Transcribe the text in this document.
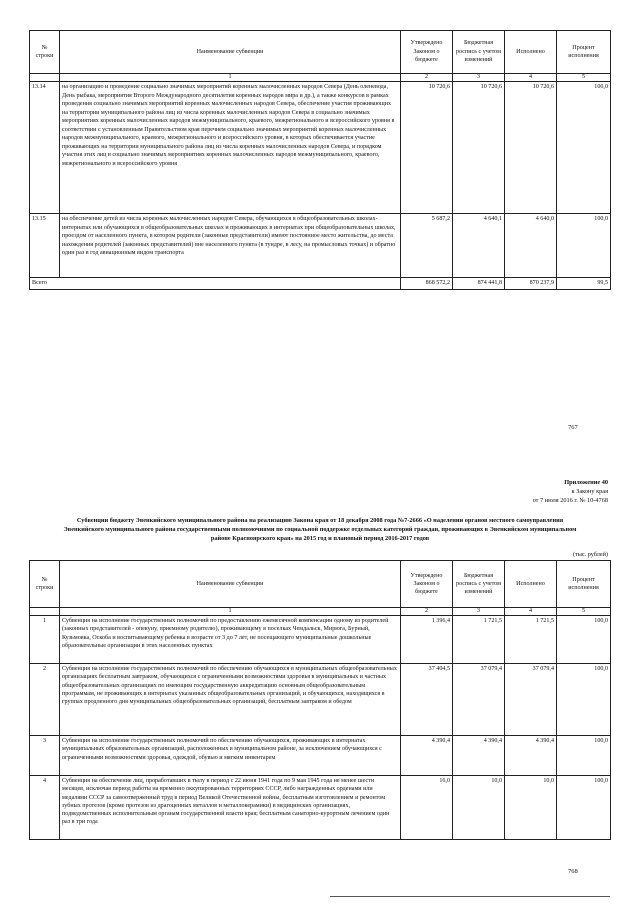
№ строки	Наименование субвенции	Утверждено Законом о бюджете	Бюджетная роспись с учетом изменений	Исполнено	Процент исполнения
	1	2	3	4	5
13.14	на организацию и проведение социально значимых мероприятий коренных малочисленных народов Севера (День оленевода, День рыбака, мероприятия Второго Международного десятилетия коренных народов мира и др.), а также конкурсов в рамках проведения социально значимых мероприятий коренных малочисленных народов Севера, обеспечение участия проживающих на территории муниципального района лиц из числа коренных малочисленных народов Севера в социально значимых мероприятиях коренных малочисленных народов межмуниципального, краевого, межрегионального и всероссийского уровня в соответствии с установленным Правительством края перечнем социально значимых мероприятий коренных малочисленных народов межмуниципального, краевого, межрегионального и всероссийского уровня, в которых обеспечивается участие проживающих на территории муниципального района лиц из числа коренных малочисленных народов Севера, и порядком участия этих лиц в социально значимых мероприятиях коренных малочисленных народов межмуниципального, краевого, межрегионального и всероссийского уровня	10 720,6	10 720,6	10 720,6	100,0
13.15	на обеспечение детей из числа коренных малочисленных народов Севера, обучающихся в общеобразовательных школах-интернатах или обучающихся в общеобразовательных школах и проживающих в интернатах при общеобразовательных школах, проездом от населенного пункта, в котором родители (законные представители) имеют постоянное место жительства, до места нахождения родителей (законных представителей) вне населенного пункта (в тундре, в лесу, на промысловых точках) и обратно один раз в год авиационным видом транспорта	5 687,2	4 640,1	4 640,0	100,0
Всего		868 572,2	874 441,8	870 237,9	99,5
767
Приложение 40
к Закону края
от 7 июля 2016 г. № 10-4768
Субвенции бюджету Эвенкийского муниципального района на реализацию Закона края от 18 декабря 2008 года №7-2666 «О наделении органов местного самоуправления Эвенкийского муниципального района государственными полномочиями по социальной поддержке отдельных категорий граждан, проживающих в Эвенкийском муниципальном районе Красноярского края» на 2015 год и плановый период 2016-2017 годов
(тыс. рублей)
№ строки	Наименование субвенции	Утверждено Законом о бюджете	Бюджетная роспись с учетом изменений	Исполнено	Процент исполнения
	1	2	3	4	5
1	Субвенция на исполнение государственных полномочий по предоставлению ежемесячной компенсации одному из родителей (законных представителей - опекуну, приемному родителю), проживающему в поселках Чемдальск, Мирюга, Бурный, Кузьмовка, Оскоба и воспитывающему ребенка в возрасте от 3 до 7 лет, не посещающего муниципальные дошкольные образовательные организации в этих населенных пунктах	1 396,4	1 721,5	1 721,5	100,0
2	Субвенция на исполнение государственных полномочий по обеспечению обучающихся в муниципальных общеобразовательных организациях бесплатным завтраком, обучающихся с ограниченными возможностями здоровья в муниципальных и частных общеобразовательных организациях по имеющим государственную аккредитацию основным общеобразовательным программам, не проживающих в интернатах указанных общеобразовательных организаций, и обучающихся, находящихся в группах продленного дня муниципальных общеобразовательных организаций, бесплатным завтраком и обедом	37 404,5	37 079,4	37 079,4	100,0
3	Субвенция на исполнение государственных полномочий по обеспечению обучающихся, проживающих в интернатах муниципальных образовательных организаций, расположенных в муниципальном районе, за исключением обучающихся с ограниченными возможностями здоровья, одеждой, обувью и мягким инвентарем	4 390,4	4 390,4	4 390,4	100,0
4	Субвенция на обеспечение лиц, проработавших в тылу в период с 22 июня 1941 года по 9 мая 1945 года не менее шести месяцев, исключая период работы на временно оккупированных территориях СССР, либо награжденных орденами или медалями СССР за самоотверженный труд в период Великой Отечественной войны, бесплатным изготовлением и ремонтом зубных протезов (кроме протезов из драгоценных металлов и металлокерамики) в медицинских организациях, подведомственных исполнительным органам государственной власти края; бесплатным санаторно-курортным лечением один раз в три года	16,0	10,0	10,0	100,0
768
